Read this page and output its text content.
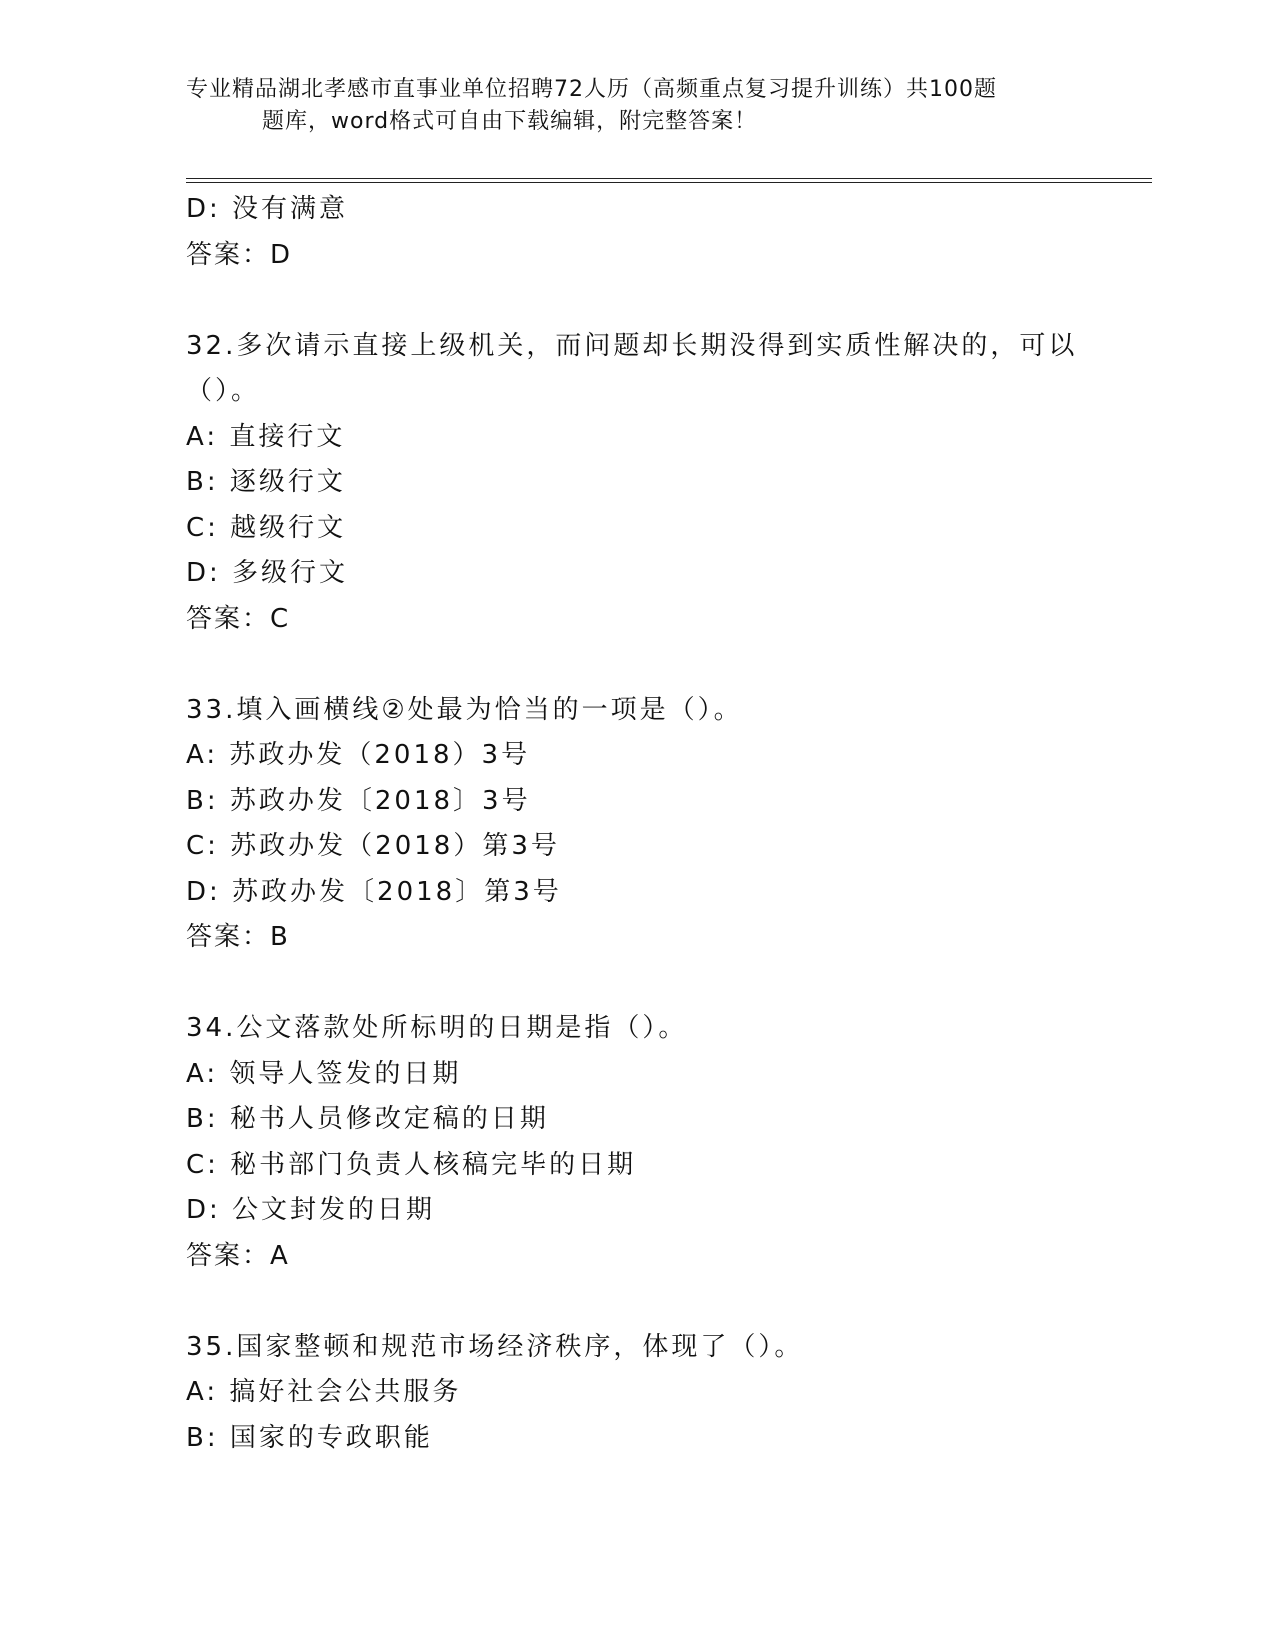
专业精品湖北孝感市直事业单位招聘72人历（高频重点复习提升训练）共100题
题库，word格式可自由下载编辑，附完整答案！
D: 没有满意
答案：D
32.多次请示直接上级机关，而问题却长期没得到实质性解决的，可以
（）。
A: 直接行文
B: 逐级行文
C: 越级行文
D: 多级行文
答案：C
33.填入画横线②处最为恰当的一项是（）。
A: 苏政办发（2018）3号
B: 苏政办发〔2018〕3号
C: 苏政办发（2018）第3号
D: 苏政办发〔2018〕第3号
答案：B
34.公文落款处所标明的日期是指（）。
A: 领导人签发的日期
B: 秘书人员修改定稿的日期
C: 秘书部门负责人核稿完毕的日期
D: 公文封发的日期
答案：A
35.国家整顿和规范市场经济秩序，体现了（）。
A: 搞好社会公共服务
B: 国家的专政职能
